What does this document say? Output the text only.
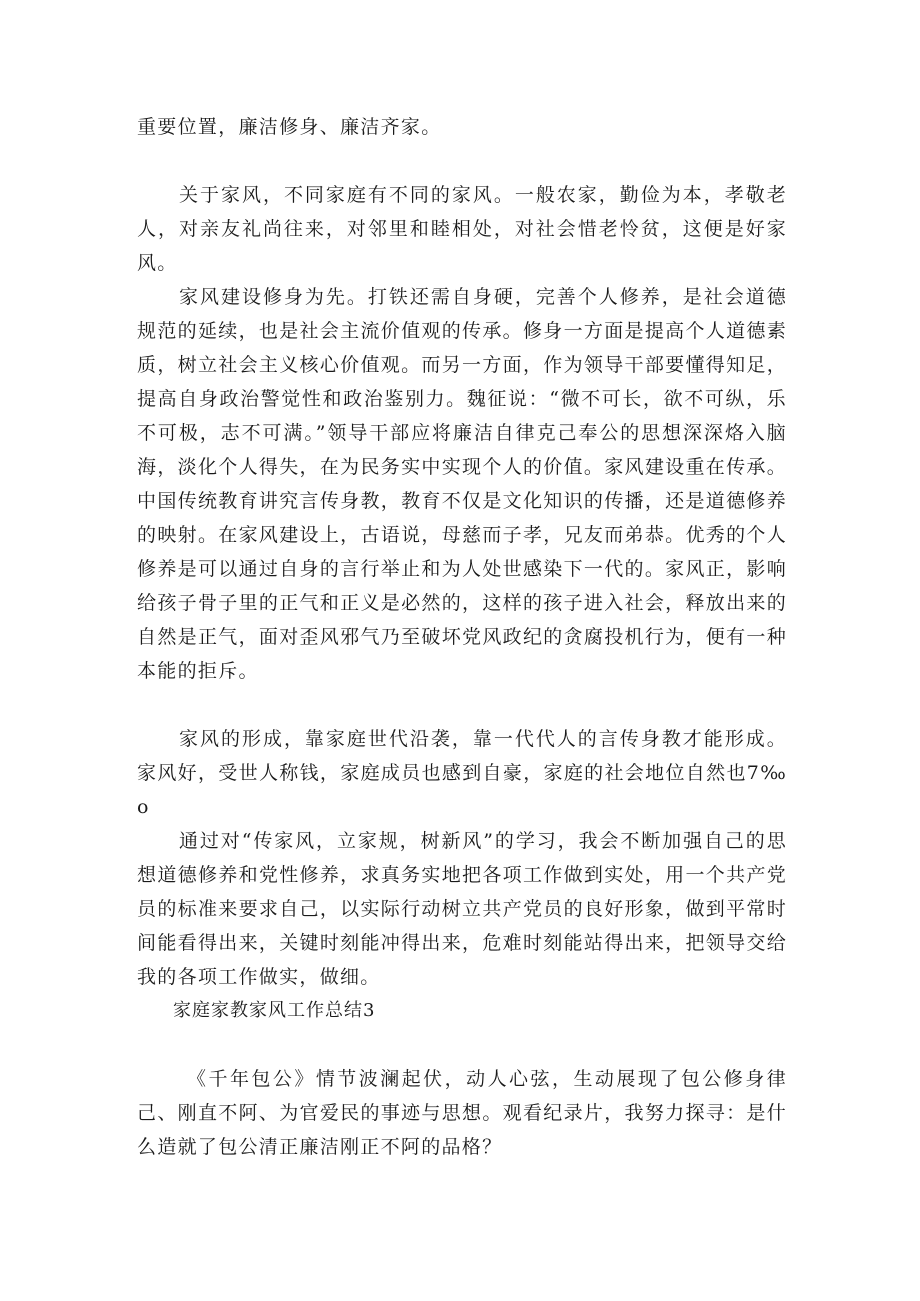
重要位置，廉洁修身、廉洁齐家。

关于家风，不同家庭有不同的家风。一般农家，勤俭为本，孝敬老人，对亲友礼尚往来，对邻里和睦相处，对社会惜老怜贫，这便是好家风。

家风建设修身为先。打铁还需自身硬，完善个人修养，是社会道德规范的延续，也是社会主流价值观的传承。修身一方面是提高个人道德素质，树立社会主义核心价值观。而另一方面，作为领导干部要懂得知足，提高自身政治警觉性和政治鉴别力。魏征说：“微不可长，欲不可纵，乐不可极，志不可满。”领导干部应将廉洁自律克己奉公的思想深深烙入脑海，淡化个人得失，在为民务实中实现个人的价值。家风建设重在传承。中国传统教育讲究言传身教，教育不仅是文化知识的传播，还是道德修养的映射。在家风建设上，古语说，母慈而子孝，兄友而弟恭。优秀的个人修养是可以通过自身的言行举止和为人处世感染下一代的。家风正，影响给孩子骨子里的正气和正义是必然的，这样的孩子进入社会，释放出来的自然是正气，面对歪风邪气乃至破坏党风政纪的贪腐投机行为，便有一种本能的拒斥。

家风的形成，靠家庭世代沿袭，靠一代代人的言传身教才能形成。家风好，受世人称钱，家庭成员也感到自豪，家庭的社会地位自然也7‰o

通过对“传家风，立家规，树新风”的学习，我会不断加强自己的思想道德修养和党性修养，求真务实地把各项工作做到实处，用一个共产党员的标准来要求自己，以实际行动树立共产党员的良好形象，做到平常时间能看得出来，关键时刻能冲得出来，危难时刻能站得出来，把领导交给我的各项工作做实，做细。

家庭家教家风工作总结3

《千年包公》情节波澜起伏，动人心弦，生动展现了包公修身律己、刚直不阿、为官爱民的事迹与思想。观看纪录片，我努力探寻：是什么造就了包公清正廉洁刚正不阿的品格？
